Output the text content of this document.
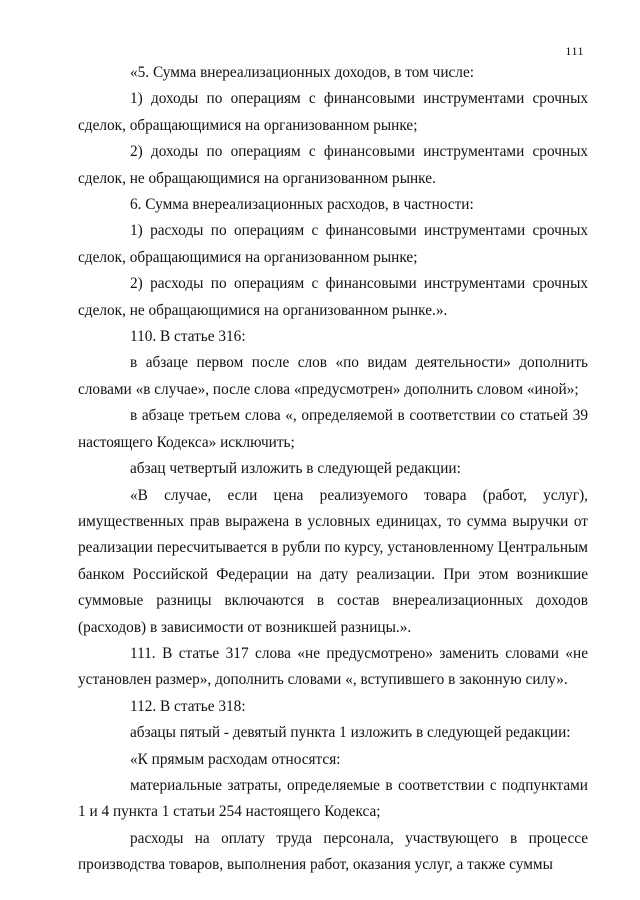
111

«5. Сумма внереализационных доходов, в том числе:

1) доходы по операциям с финансовыми инструментами срочных сделок, обращающимися на организованном рынке;

2) доходы по операциям с финансовыми инструментами срочных сделок, не обращающимися на организованном рынке.

6. Сумма внереализационных расходов, в частности:

1) расходы по операциям с финансовыми инструментами срочных сделок, обращающимися на организованном рынке;

2) расходы по операциям с финансовыми инструментами срочных сделок, не обращающимися на организованном рынке.».

110. В статье 316:

в абзаце первом после слов «по видам деятельности» дополнить словами «в случае», после слова «предусмотрен» дополнить словом «иной»;

в абзаце третьем слова «, определяемой в соответствии со статьей 39 настоящего Кодекса» исключить;

абзац четвертый изложить в следующей редакции:

«В случае, если цена реализуемого товара (работ, услуг), имущественных прав выражена в условных единицах, то сумма выручки от реализации пересчитывается в рубли по курсу, установленному Центральным банком Российской Федерации на дату реализации. При этом возникшие суммовые разницы включаются в состав внереализационных доходов (расходов) в зависимости от возникшей разницы.».

111. В статье 317 слова «не предусмотрено» заменить словами «не установлен размер», дополнить словами «, вступившего в законную силу».

112. В статье 318:

абзацы пятый - девятый пункта 1 изложить в следующей редакции:

«К прямым расходам относятся:

материальные затраты, определяемые в соответствии с подпунктами 1 и 4 пункта 1 статьи 254 настоящего Кодекса;

расходы на оплату труда персонала, участвующего в процессе производства товаров, выполнения работ, оказания услуг, а также суммы
